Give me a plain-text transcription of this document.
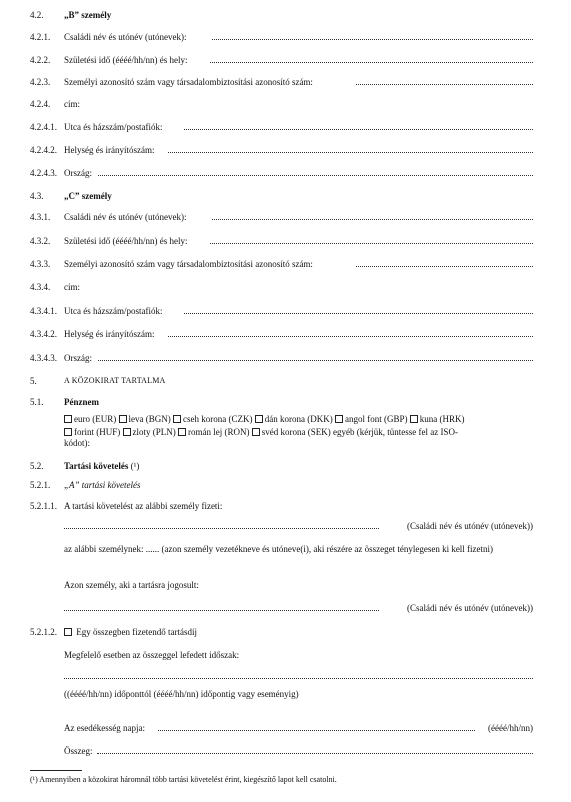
4.2. „B” személy
4.2.1. Családi név és utónév (utónevek):
4.2.2. Születési idő (éééé/hh/nn) és hely:
4.2.3. Személyi azonosító szám vagy társadalombiztosítási azonosító szám:
4.2.4. cím:
4.2.4.1. Utca és házszám/postafiók:
4.2.4.2. Helység és irányítószám:
4.2.4.3. Ország:
4.3. „C” személy
4.3.1. Családi név és utónév (utónevek):
4.3.2. Születési idő (éééé/hh/nn) és hely:
4.3.3. Személyi azonosító szám vagy társadalombiztosítási azonosító szám:
4.3.4. cím:
4.3.4.1. Utca és házszám/postafiók:
4.3.4.2. Helység és irányítószám:
4.3.4.3. Ország:
5.	A KÖZOKIRAT TARTALMA
5.1. Pénznem
euro (EUR) leva (BGN) cseh korona (CZK) dán korona (DKK) angol font (GBP) kuna (HRK)
forint (HUF) zloty (PLN) román lej (RON) svéd korona (SEK) egyéb (kérjük, tüntesse fel az ISO-
kódot):
5.2. Tartási követelés (¹)
5.2.1. „A” tartási követelés
5.2.1.1. A tartási követelést az alábbi személy fizeti:
(Családi név és utónév (utónevek))
az alábbi személynek: ...... (azon személy vezetékneve és utóneve(i), aki részére az összeget ténylegesen ki kell fizetni)
Azon személy, aki a tartásra jogosult:
(Családi név és utónév (utónevek))
5.2.1.2.	Egy összegben fizetendő tartásdíj
Megfelelő esetben az összeggel lefedett időszak:
((éééé/hh/nn) időponttól (éééé/hh/nn) időpontig vagy eseményig)
Az esedékesség napja:	(éééé/hh/nn)
Összeg:
(¹) Amennyiben a közokirat háromnál több tartási követelést érint, kiegészítő lapot kell csatolni.
